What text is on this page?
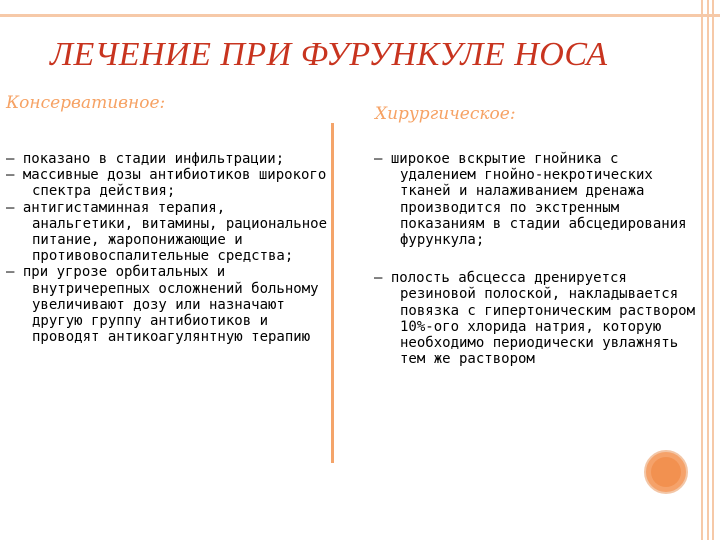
ЛЕЧЕНИЕ ПРИ ФУРУНКУЛЕ НОСА
Консервативное:
— показано в стадии инфильтрации;
— массивные дозы антибиотиков широкого спектра действия;
— антигистаминная терапия, анальгетики, витамины, рациональное питание, жаропонижающие и противовоспалительные средства;
— при угрозе орбитальных и внутричерепных осложнений больному увеличивают дозу или назначают другую группу антибиотиков и проводят антикоагулянтную терапию
Хирургическое:
— широкое вскрытие гнойника с удалением гнойно-некротических тканей и налаживанием дренажа производится по экстренным показаниям в стадии абсцедирования фурункула;
— полость абсцесса дренируется резиновой полоской, накладывается повязка с гипертоническим раствором 10%-ого хлорида натрия, которую необходимо периодически увлажнять тем же раствором
